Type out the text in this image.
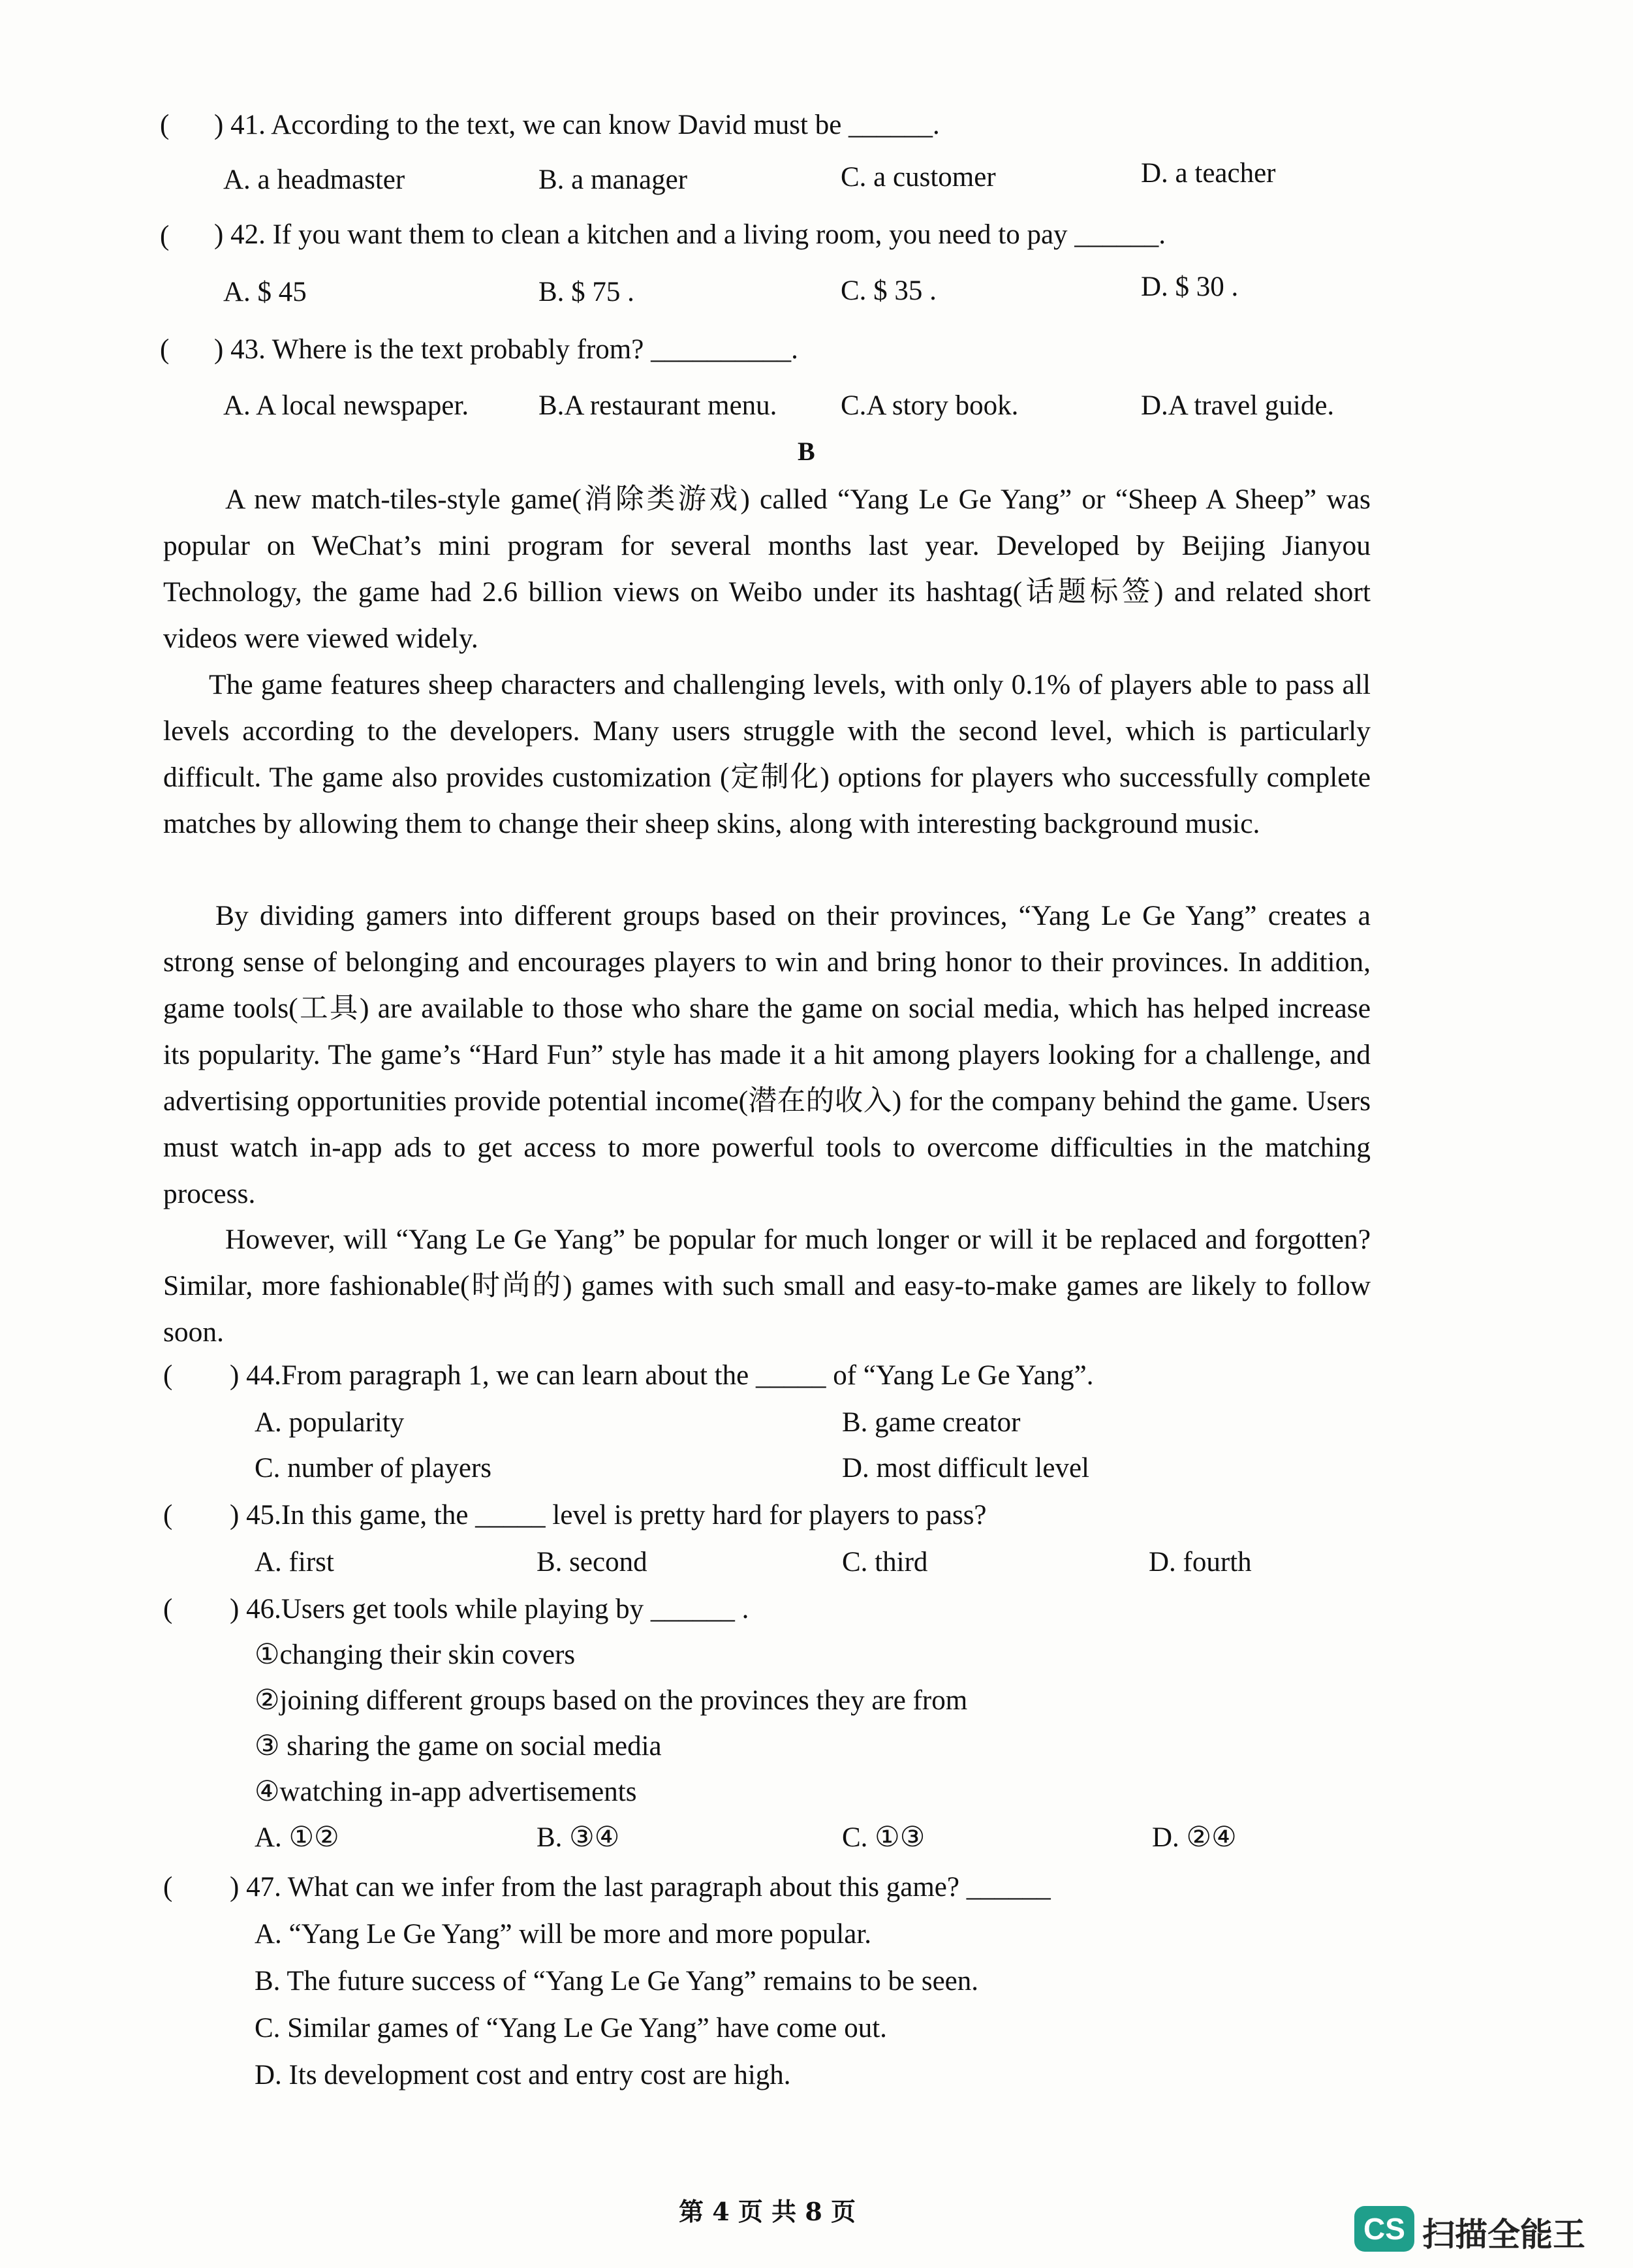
( ) 41. According to the text, we can know David must be ______.
A. a headmaster	B. a manager	C. a customer	D. a teacher
( ) 42. If you want them to clean a kitchen and a living room, you need to pay ______.
A. $ 45	B. $ 75 .	C. $ 35 .	D. $ 30 .
( ) 43. Where is the text probably from? __________.
A. A local newspaper. B.A restaurant menu. C.A story book.	D.A travel guide.
B
A new match-tiles-style game(消除类游戏) called “Yang Le Ge Yang” or “Sheep A Sheep” was popular on WeChat’s mini program for several months last year. Developed by Beijing Jianyou Technology, the game had 2.6 billion views on Weibo under its hashtag(话题标签) and related short videos were viewed widely.
The game features sheep characters and challenging levels, with only 0.1% of players able to pass all levels according to the developers. Many users struggle with the second level, which is particularly difficult. The game also provides customization (定制化) options for players who successfully complete matches by allowing them to change their sheep skins, along with interesting background music.
By dividing gamers into different groups based on their provinces, “Yang Le Ge Yang” creates a strong sense of belonging and encourages players to win and bring honor to their provinces. In addition, game tools(工具) are available to those who share the game on social media, which has helped increase its popularity. The game’s “Hard Fun” style has made it a hit among players looking for a challenge, and advertising opportunities provide potential income(潜在的收入) for the company behind the game. Users must watch in-app ads to get access to more powerful tools to overcome difficulties in the matching process.
However, will “Yang Le Ge Yang” be popular for much longer or will it be replaced and forgotten? Similar, more fashionable(时尚的) games with such small and easy-to-make games are likely to follow soon.
( ) 44.From paragraph 1, we can learn about the _____ of “Yang Le Ge Yang”.
A. popularity	B. game creator
C. number of players	D. most difficult level
( ) 45.In this game, the _____ level is pretty hard for players to pass?
A. first	B. second	C. third	D. fourth
( ) 46.Users get tools while playing by ______ .
①changing their skin covers
②joining different groups based on the provinces they are from
③ sharing the game on social media
④watching in-app advertisements
A. ①②	B. ③④	C. ①③	D. ②④
( ) 47. What can we infer from the last paragraph about this game? ______
A. “Yang Le Ge Yang” will be more and more popular.
B. The future success of “Yang Le Ge Yang” remains to be seen.
C. Similar games of “Yang Le Ge Yang” have come out.
D. Its development cost and entry cost are high.
第 4 页 共 8 页
CS 扫描全能王
